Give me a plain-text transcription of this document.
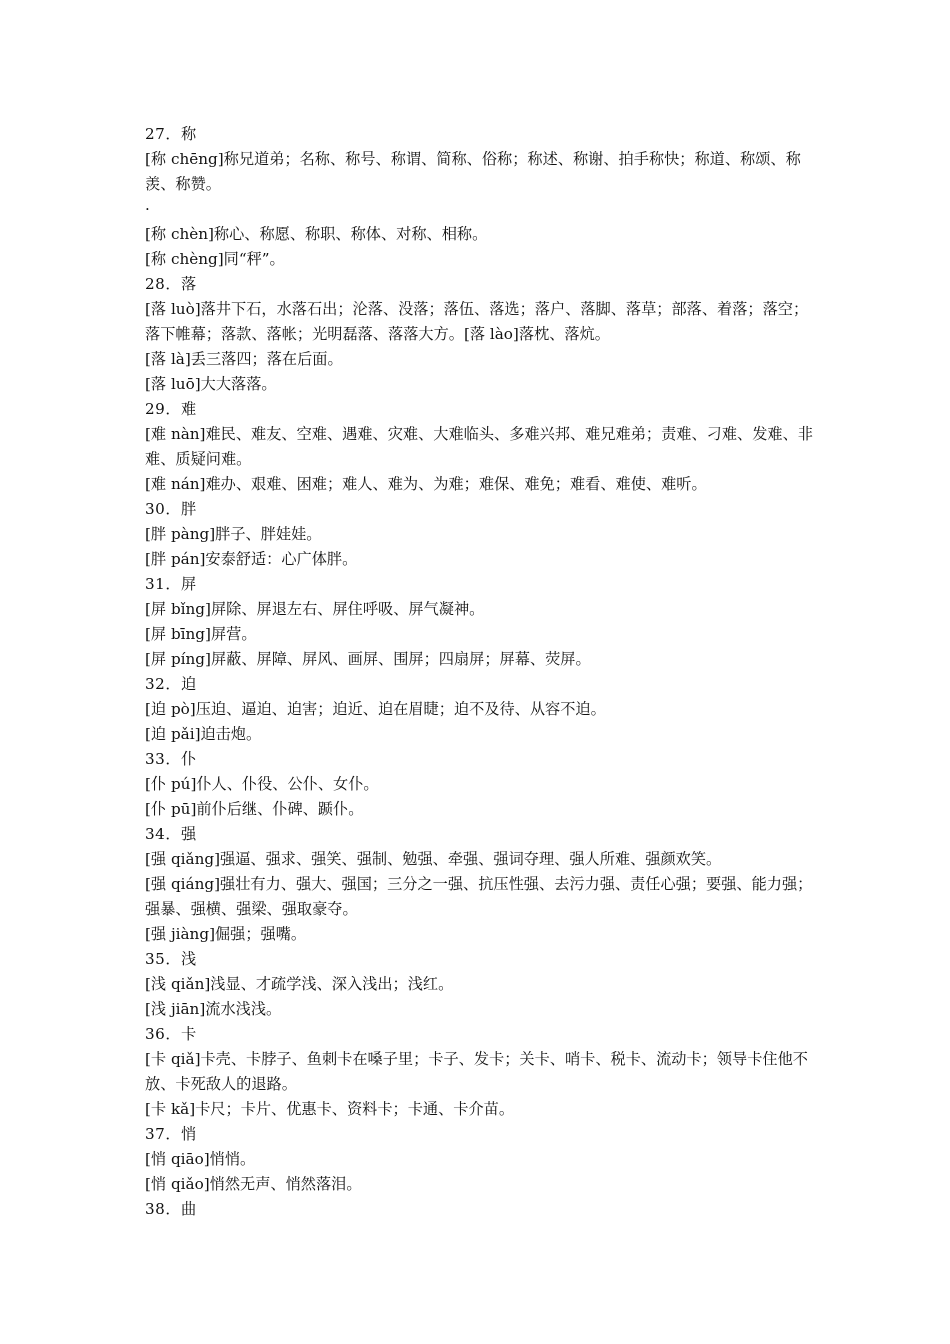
27．称

[称 chēng]称兄道弟；名称、称号、称谓、简称、俗称；称述、称谢、拍手称快；称道、称颂、称羡、称赞。

·

[称 chèn]称心、称愿、称职、称体、对称、相称。

[称 chèng]同“秤”。

28．落

[落 luò]落井下石，水落石出；沦落、没落；落伍、落选；落户、落脚、落草；部落、着落；落空；落下帷幕；落款、落帐；光明磊落、落落大方。[落 lào]落枕、落炕。

[落 là]丢三落四；落在后面。

[落 luō]大大落落。

29．难

[难 nàn]难民、难友、空难、遇难、灾难、大难临头、多难兴邦、难兄难弟；责难、刁难、发难、非难、质疑问难。

[难 nán]难办、艰难、困难；难人、难为、为难；难保、难免；难看、难使、难听。

30．胖

[胖 pàng]胖子、胖娃娃。

[胖 pán]安泰舒适：心广体胖。

31．屏

[屏 bǐng]屏除、屏退左右、屏住呼吸、屏气凝神。

[屏 bīng]屏营。

[屏 píng]屏蔽、屏障、屏风、画屏、围屏；四扇屏；屏幕、荧屏。

32．迫

[迫 pò]压迫、逼迫、迫害；迫近、迫在眉睫；迫不及待、从容不迫。

[迫 pǎi]迫击炮。

33．仆

[仆 pú]仆人、仆役、公仆、女仆。

[仆 pū]前仆后继、仆碑、踬仆。

34．强

[强 qiǎng]强逼、强求、强笑、强制、勉强、牵强、强词夺理、强人所难、强颜欢笑。

[强 qiáng]强壮有力、强大、强国；三分之一强、抗压性强、去污力强、责任心强；要强、能力强；强暴、强横、强梁、强取豪夺。

[强 jiàng]倔强；强嘴。

35．浅

[浅 qiǎn]浅显、才疏学浅、深入浅出；浅红。

[浅 jiān]流水浅浅。

36．卡

[卡 qiǎ]卡壳、卡脖子、鱼刺卡在嗓子里；卡子、发卡；关卡、哨卡、税卡、流动卡；领导卡住他不放、卡死敌人的退路。

[卡 kǎ]卡尺；卡片、优惠卡、资料卡；卡通、卡介苗。

37．悄

[悄 qiāo]悄悄。

[悄 qiǎo]悄然无声、悄然落泪。

38．曲
